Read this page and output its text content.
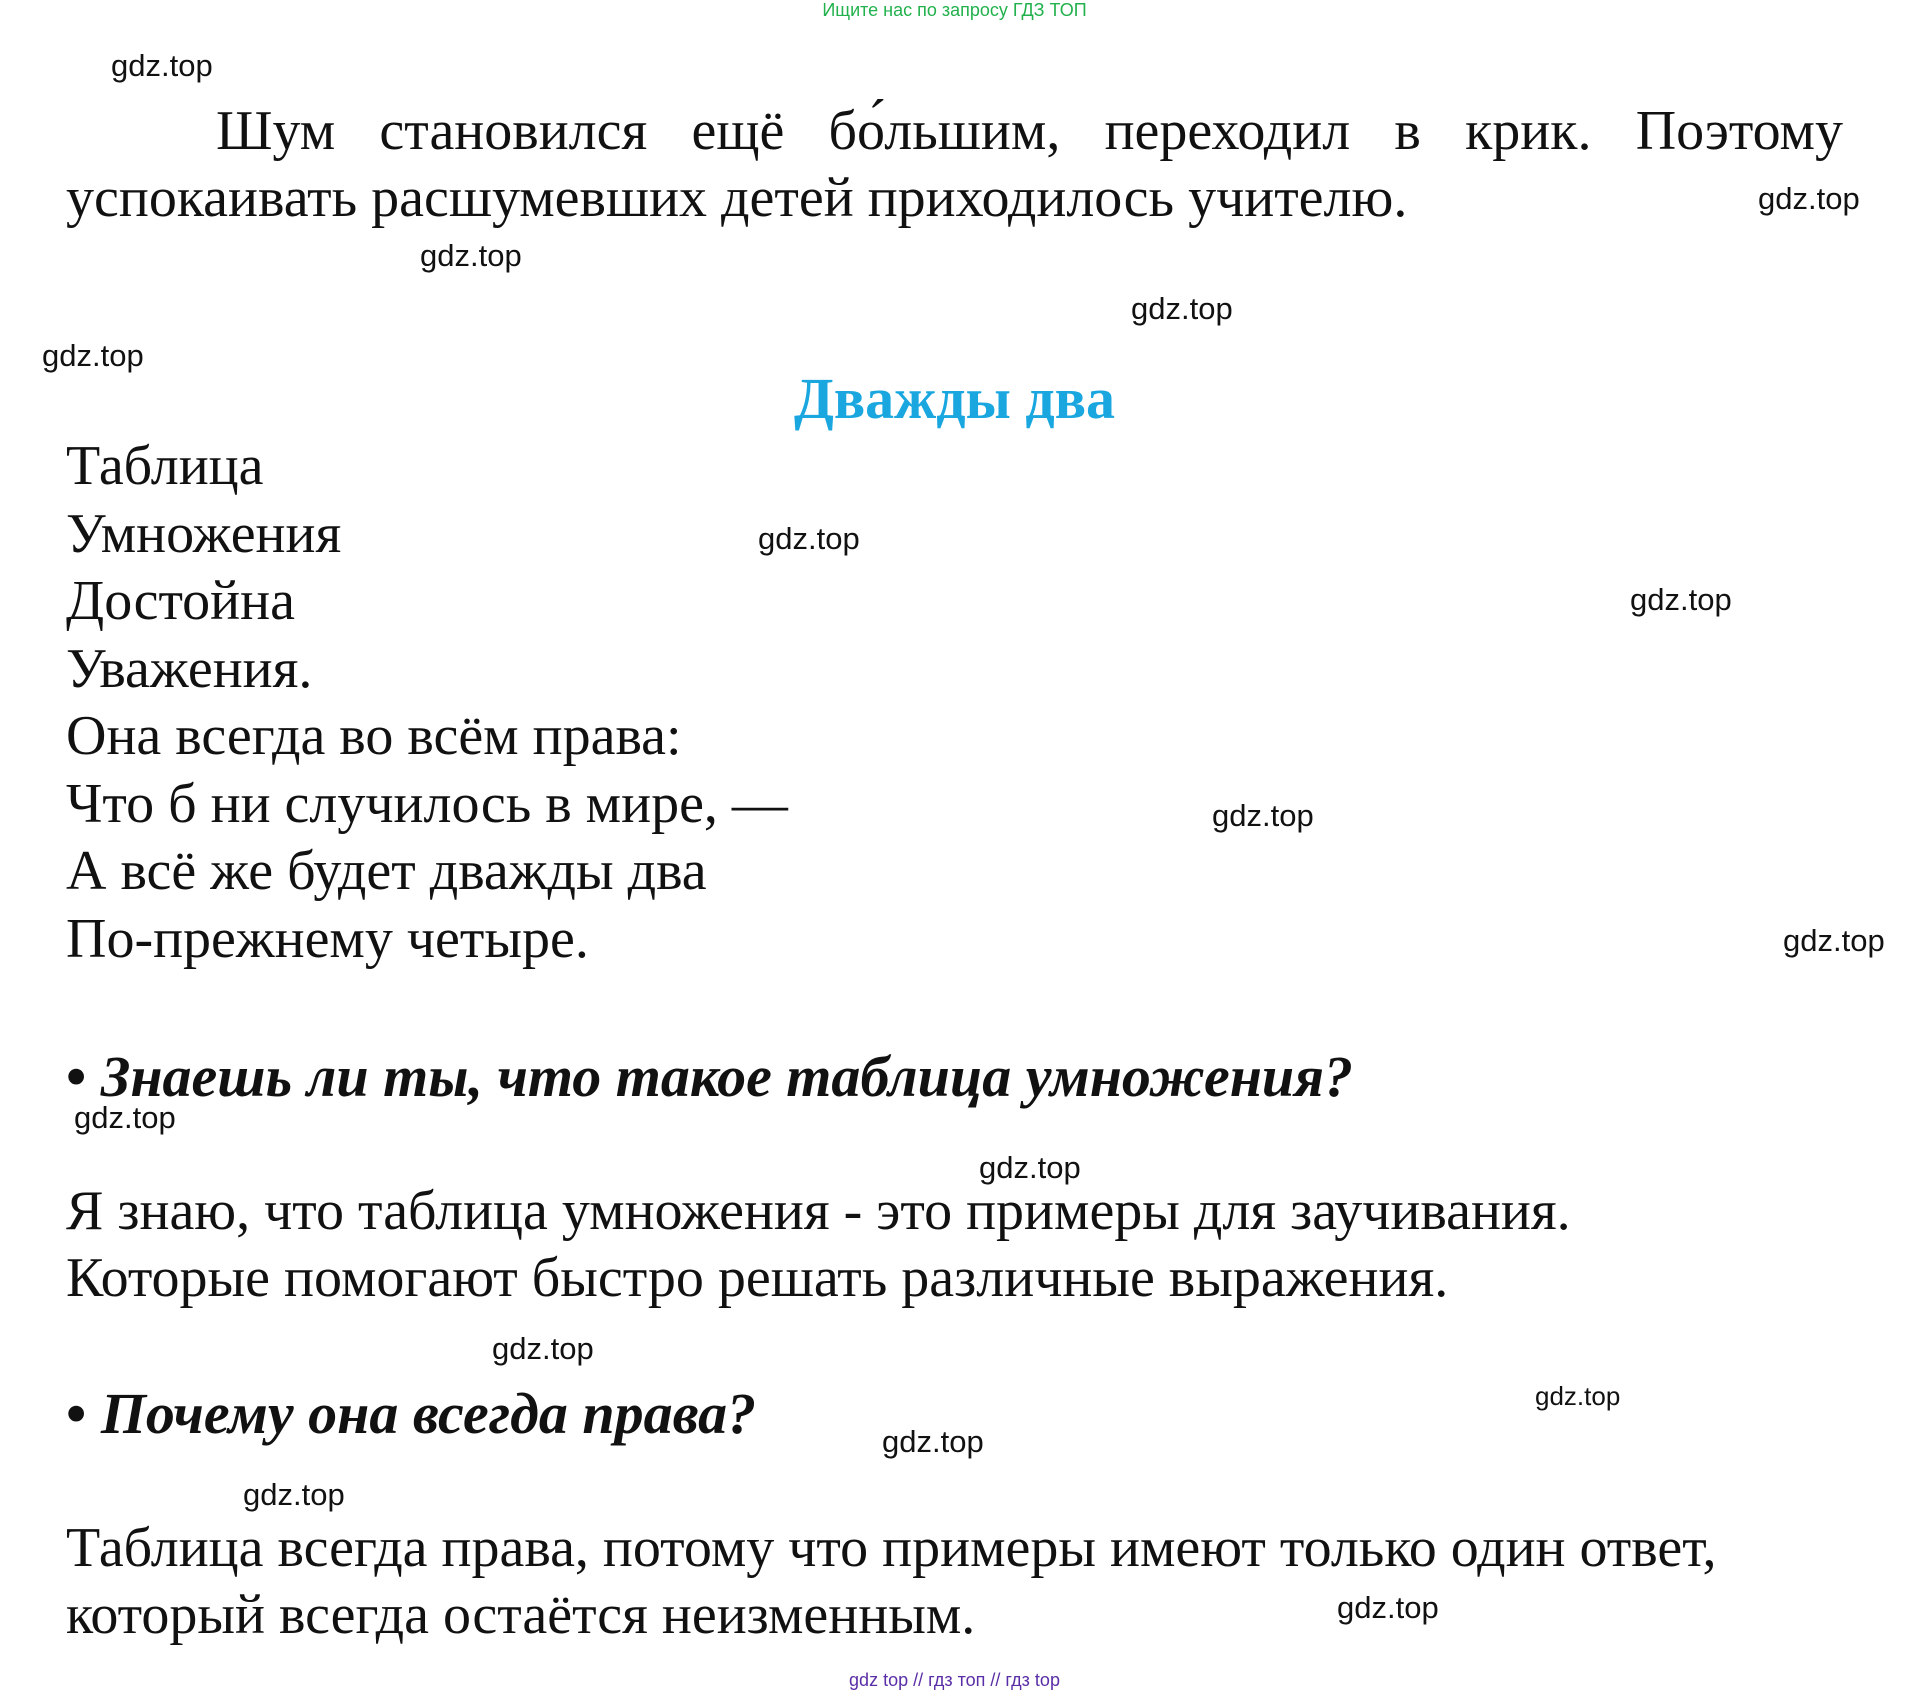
Ищите нас по запросу ГДЗ ТОП
Шум становился ещё бо́льшим, переходил в крик. Поэтому
успокаивать расшумевших детей приходилось учителю.
Дважды два
Таблица
Умножения
Достойна
Уважения.
Она всегда во всём права:
Что б ни случилось в мире, —
А всё же будет дважды два
По-прежнему четыре.
• Знаешь ли ты, что такое таблица умножения?
Я знаю, что таблица умножения - это примеры для заучивания.
Которые помогают быстро решать различные выражения.
• Почему она всегда права?
Таблица всегда права, потому что примеры имеют только один ответ,
который всегда остаётся неизменным.
gdz.top
gdz.top
gdz.top
gdz.top
gdz.top
gdz.top
gdz.top
gdz.top
gdz.top
gdz.top
gdz.top
gdz.top
gdz.top
gdz.top
gdz.top
gdz.top
gdz top // гдз топ // гдз top
